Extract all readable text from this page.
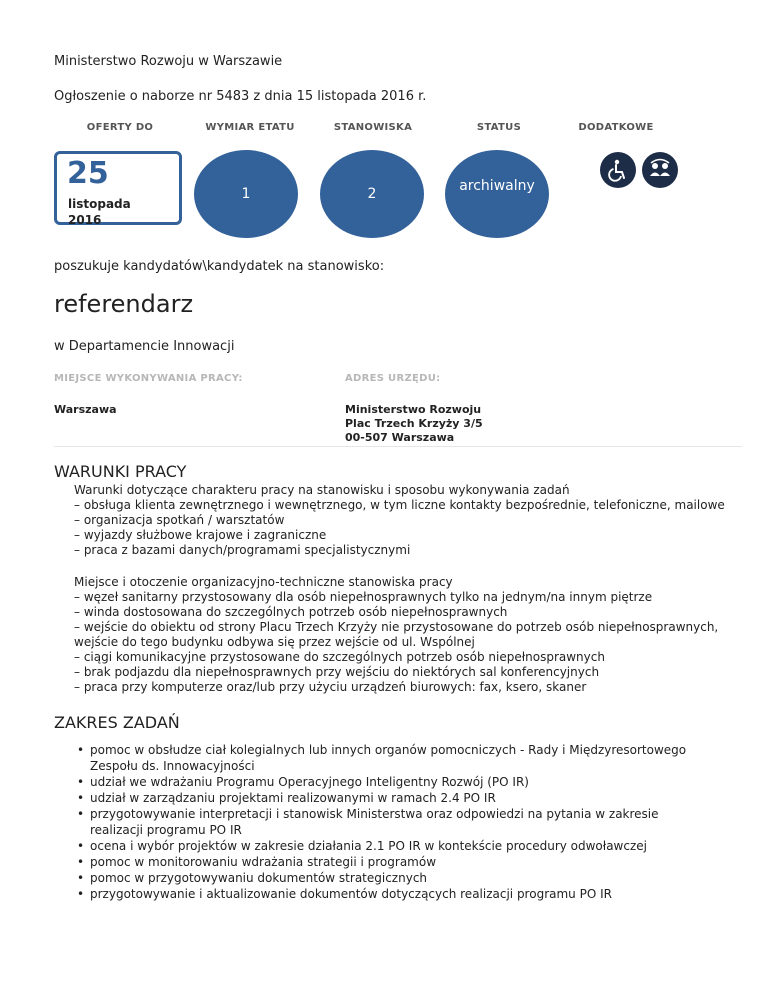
Ministerstwo Rozwoju w Warszawie
Ogłoszenie o naborze nr 5483 z dnia 15 listopada 2016 r.
OFERTY DO	WYMIAR ETATU	STANOWISKA	STATUS	DODATKOWE
25
listopada
2016
1	2	archiwalny
poszukuje kandydatów\kandydatek na stanowisko:
referendarz
w Departamencie Innowacji
MIEJSCE WYKONYWANIA PRACY:	ADRES URZĘDU:
Warszawa	Ministerstwo Rozwoju
Plac Trzech Krzyży 3/5
00-507 Warszawa
WARUNKI PRACY

Warunki dotyczące charakteru pracy na stanowisku i sposobu wykonywania zadań

– obsługa klienta zewnętrznego i wewnętrznego, w tym liczne kontakty bezpośrednie, telefoniczne, mailowe

– organizacja spotkań / warsztatów

– wyjazdy służbowe krajowe i zagraniczne

– praca z bazami danych/programami specjalistycznymi

Miejsce i otoczenie organizacyjno-techniczne stanowiska pracy

– węzeł sanitarny przystosowany dla osób niepełnosprawnych tylko na jednym/na innym piętrze

– winda dostosowana do szczególnych potrzeb osób niepełnosprawnych

– wejście do obiektu od strony Placu Trzech Krzyży nie przystosowane do potrzeb osób niepełnosprawnych,

wejście do tego budynku odbywa się przez wejście od ul. Wspólnej

– ciągi komunikacyjne przystosowane do szczególnych potrzeb osób niepełnosprawnych

– brak podjazdu dla niepełnosprawnych przy wejściu do niektórych sal konferencyjnych

– praca przy komputerze oraz/lub przy użyciu urządzeń biurowych: fax, ksero, skaner

ZAKRES ZADAŃ
• pomoc w obsłudze ciał kolegialnych lub innych organów pomocniczych - Rady i Międzyresortowego Zespołu ds. Innowacyjności
• udział we wdrażaniu Programu Operacyjnego Inteligentny Rozwój (PO IR)
• udział w zarządzaniu projektami realizowanymi w ramach 2.4 PO IR
• przygotowywanie interpretacji i stanowisk Ministerstwa oraz odpowiedzi na pytania w zakresie realizacji programu PO IR
• ocena i wybór projektów w zakresie działania 2.1 PO IR w kontekście procedury odwoławczej
• pomoc w monitorowaniu wdrażania strategii i programów
• pomoc w przygotowywaniu dokumentów strategicznych
• przygotowywanie i aktualizowanie dokumentów dotyczących realizacji programu PO IR
